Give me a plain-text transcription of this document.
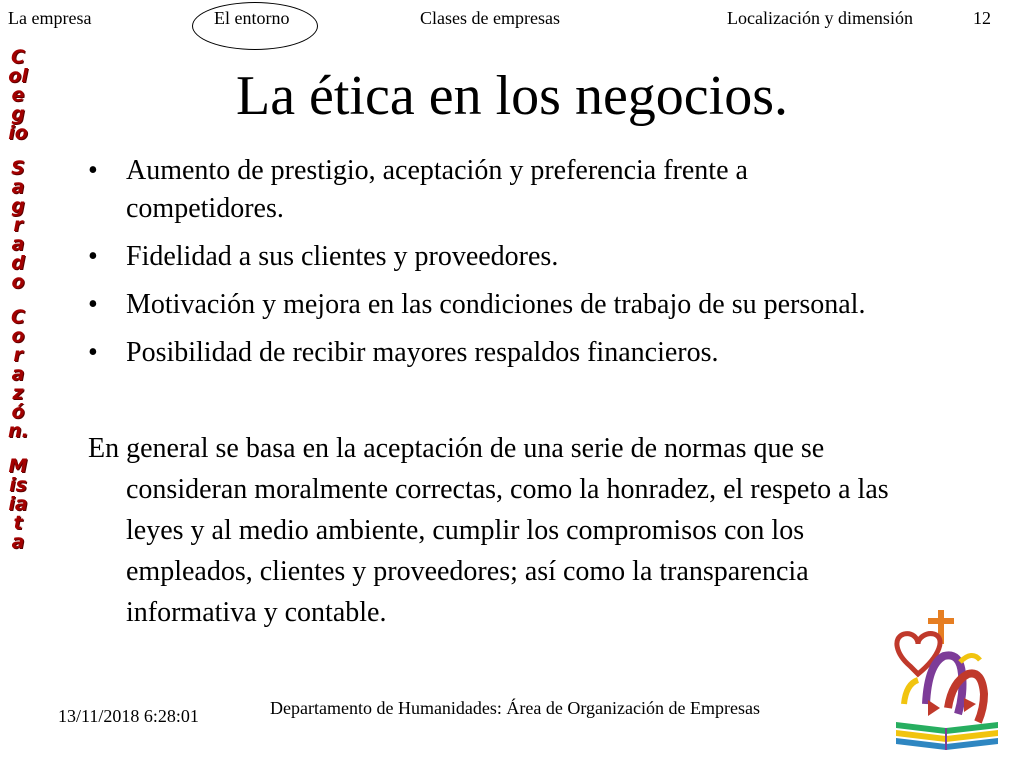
La empresa	El entorno	Clases de empresas	Localización y dimensión	12
Colegio
Sagrado
Corazón.
Misiata
La ética en los negocios.
• Aumento de prestigio, aceptación y preferencia frente a competidores.
• Fidelidad a sus clientes y proveedores.
• Motivación y mejora en las condiciones de trabajo de su personal.
• Posibilidad de recibir mayores respaldos financieros.

En general se basa en la aceptación de una serie de normas que se consideran moralmente correctas, como la honradez, el respeto a las leyes y al medio ambiente, cumplir los compromisos con los empleados, clientes y proveedores; así como la transparencia informativa y contable.

13/11/2018 6:28:01	Departamento de Humanidades: Área de Organización de Empresas
